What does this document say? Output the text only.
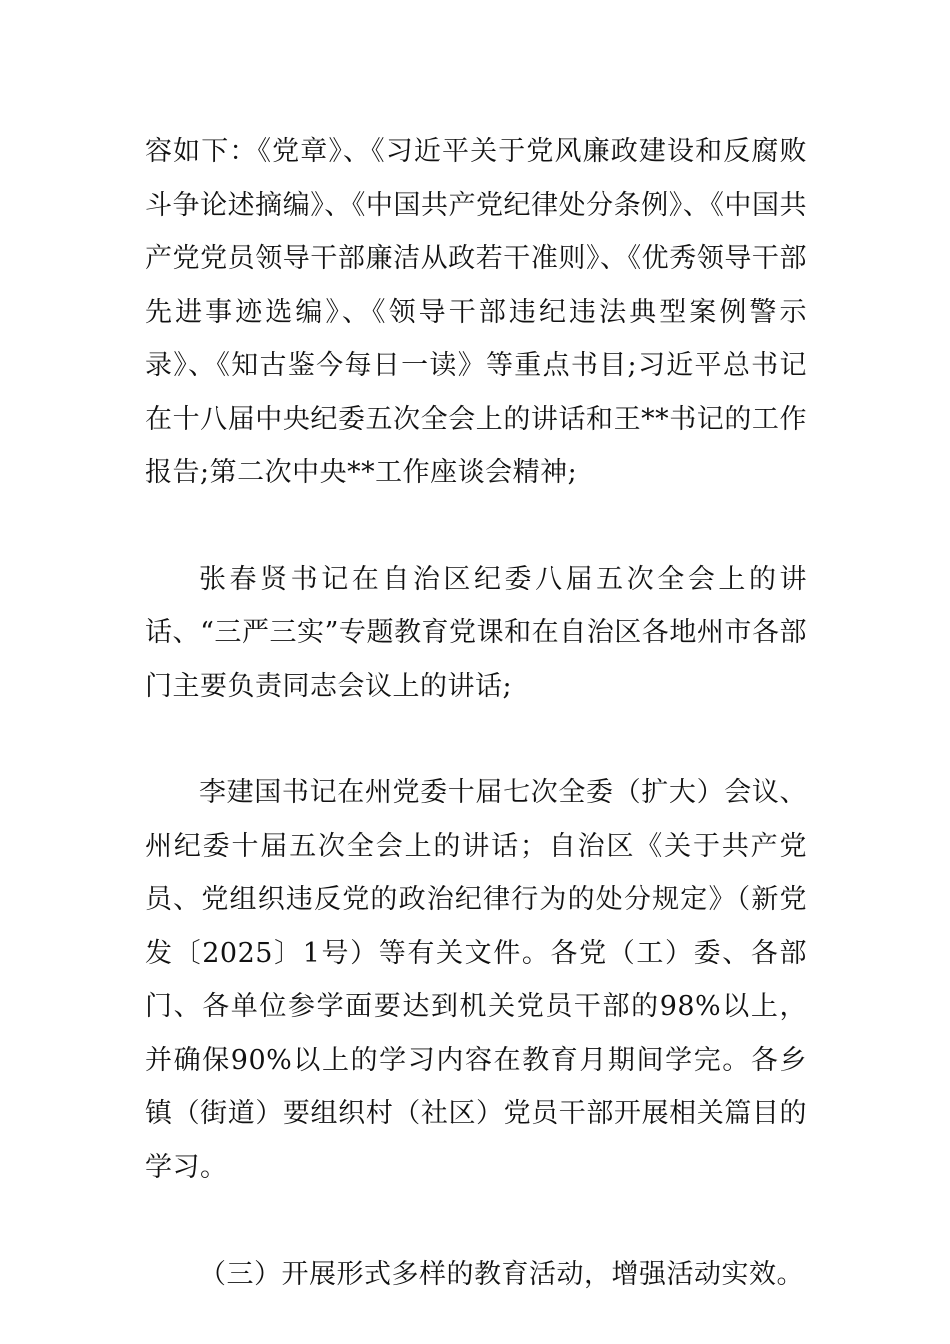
容如下：《党章》、《习近平关于党风廉政建设和反腐败斗争论述摘编》、《中国共产党纪律处分条例》、《中国共产党党员领导干部廉洁从政若干准则》、《优秀领导干部先进事迹选编》、《领导干部违纪违法典型案例警示录》、《知古鉴今每日一读》等重点书目;习近平总书记在十八届中央纪委五次全会上的讲话和王**书记的工作报告;第二次中央**工作座谈会精神;

张春贤书记在自治区纪委八届五次全会上的讲话、“三严三实”专题教育党课和在自治区各地州市各部门主要负责同志会议上的讲话;

李建国书记在州党委十届七次全委（扩大）会议、州纪委十届五次全会上的讲话；自治区《关于共产党员、党组织违反党的政治纪律行为的处分规定》（新党发〔2025〕1号）等有关文件。各党（工）委、各部门、各单位参学面要达到机关党员干部的98%以上，并确保90%以上的学习内容在教育月期间学完。各乡镇（街道）要组织村（社区）党员干部开展相关篇目的学习。

（三）开展形式多样的教育活动，增强活动实效。
